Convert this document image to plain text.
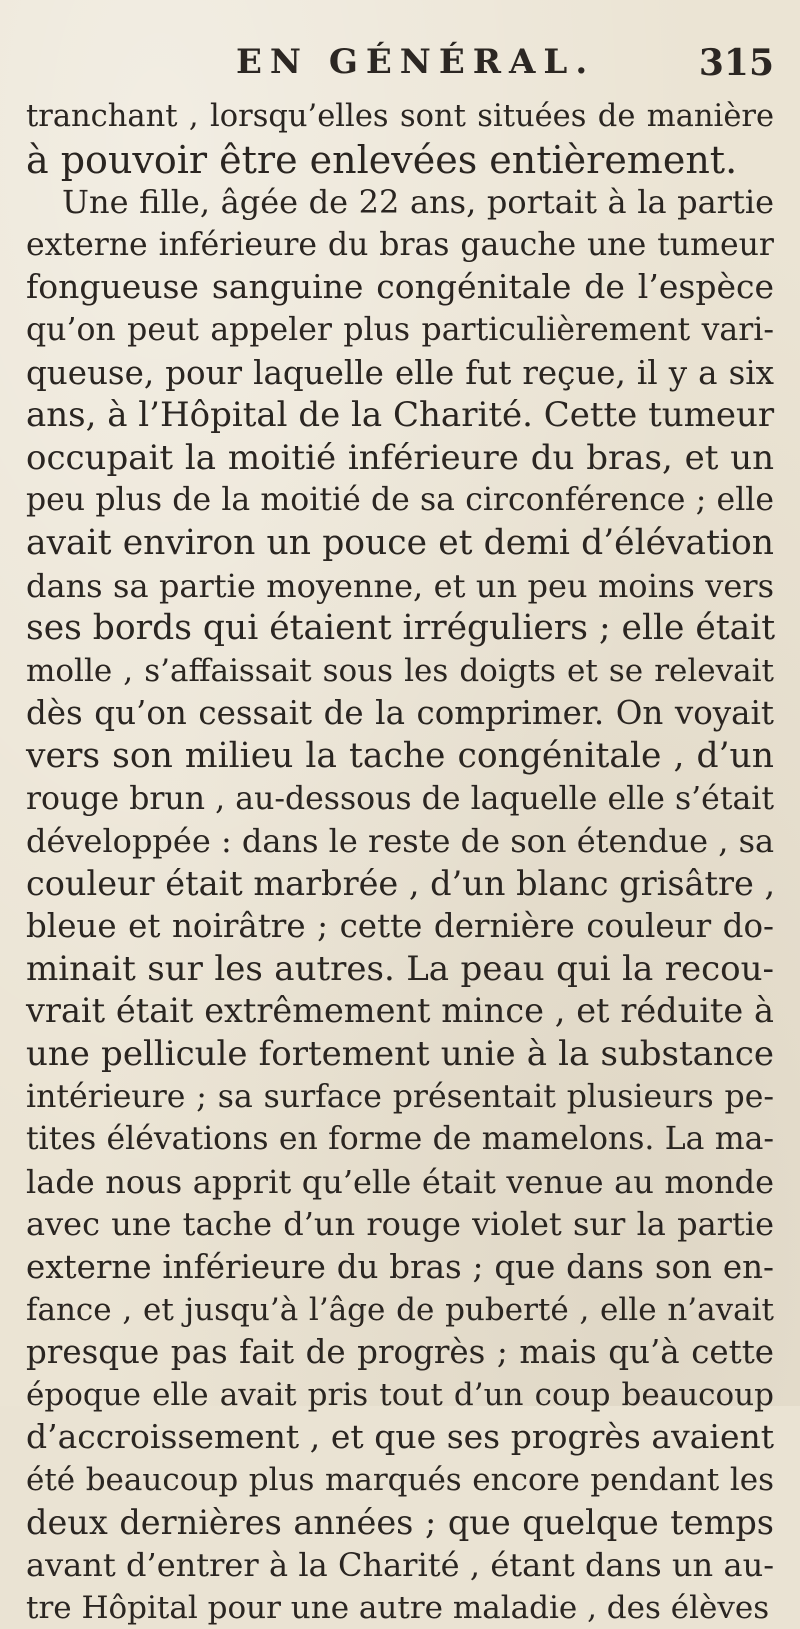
EN GÉNÉRAL.	315
tranchant , lorsqu’elles sont situées de manière
à pouvoir être enlevées entièrement.
Une fille, âgée de 22 ans, portait à la partie
externe inférieure du bras gauche une tumeur
fongueuse sanguine congénitale de l’espèce
qu’on peut appeler plus particulièrement vari-
queuse, pour laquelle elle fut reçue, il y a six
ans, à l’Hôpital de la Charité. Cette tumeur
occupait la moitié inférieure du bras, et un
peu plus de la moitié de sa circonférence ; elle
avait environ un pouce et demi d’élévation
dans sa partie moyenne, et un peu moins vers
ses bords qui étaient irréguliers ; elle était
molle , s’affaissait sous les doigts et se relevait
dès qu’on cessait de la comprimer. On voyait
vers son milieu la tache congénitale , d’un
rouge brun , au-dessous de laquelle elle s’était
développée : dans le reste de son étendue , sa
couleur était marbrée , d’un blanc grisâtre ,
bleue et noirâtre ; cette dernière couleur do-
minait sur les autres. La peau qui la recou-
vrait était extrêmement mince , et réduite à
une pellicule fortement unie à la substance
intérieure ; sa surface présentait plusieurs pe-
tites élévations en forme de mamelons. La ma-
lade nous apprit qu’elle était venue au monde
avec une tache d’un rouge violet sur la partie
externe inférieure du bras ; que dans son en-
fance , et jusqu’à l’âge de puberté , elle n’avait
presque pas fait de progrès ; mais qu’à cette
époque elle avait pris tout d’un coup beaucoup
d’accroissement , et que ses progrès avaient
été beaucoup plus marqués encore pendant les
deux dernières années ; que quelque temps
avant d’entrer à la Charité , étant dans un au-
tre Hôpital pour une autre maladie , des élèves
